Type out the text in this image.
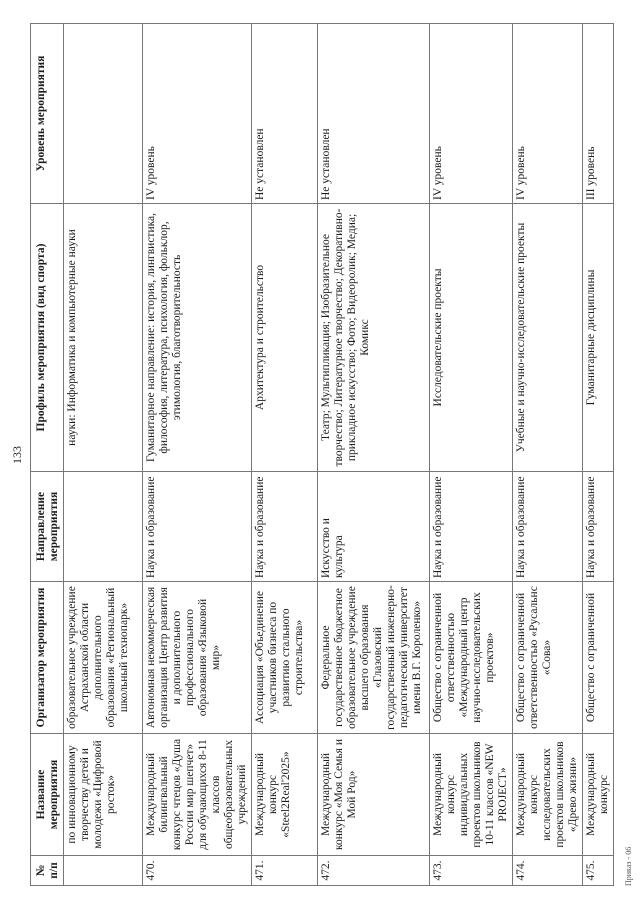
133
№ п/п	Название мероприятия	Организатор мероприятия	Направление мероприятия	Профиль мероприятия (вид спорта)	Уровень мероприятия
	по инновационному творчеству детей и молодежи «Цифровой росток»	образовательное учреждение Астраханской области дополнительного образования «Региональный школьный технопарк»		науки: Информатика и компьютерные науки	
470.	Международный билингвальный конкурс чтецов «Душа России мир шепчет» для обучающихся 8-11 классов общеобразовательных учреждений	Автономная некоммерческая организация Центр развития и дополнительного профессионального образования «Языковой мир»	Наука и образование	Гуманитарное направление: история, лингвистика, философия, литература, психология, фольклор, этимология, благотворительность	IV уровень
471.	Международный конкурс «Steel2Real'2025»	Ассоциация «Объединение участников бизнеса по развитию стального строительства»	Наука и образование	Архитектура и строительство	Не установлен
472.	Международный конкурс «Моя Семья и Мой Род»	Федеральное государственное бюджетное образовательное учреждение высшего образования «Глазовский государственный инженерно-педагогический университет имени В.Г. Короленко»	Искусство и культура	Театр; Мультипликация; Изобразительное творчество; Литературное творчество; Декоративно-прикладное искусство; Фото; Видеоролик; Медиа; Комикс	Не установлен
473.	Международный конкурс индивидуальных проектов школьников 10-11 классов «NEW PROJECT»	Общество с ограниченной ответственностью «Международный центр научно-исследовательских проектов»	Наука и образование	Исследовательские проекты	IV уровень
474.	Международный конкурс исследовательских проектов школьников «Древо жизни»	Общество с ограниченной ответственностью «Русальнс «Сова»	Наука и образование	Учебные и научно-исследовательские проекты	IV уровень
475.	Международный конкурс	Общество с ограниченной	Наука и образование	Гуманитарные дисциплины	III уровень
Приказ - 06
